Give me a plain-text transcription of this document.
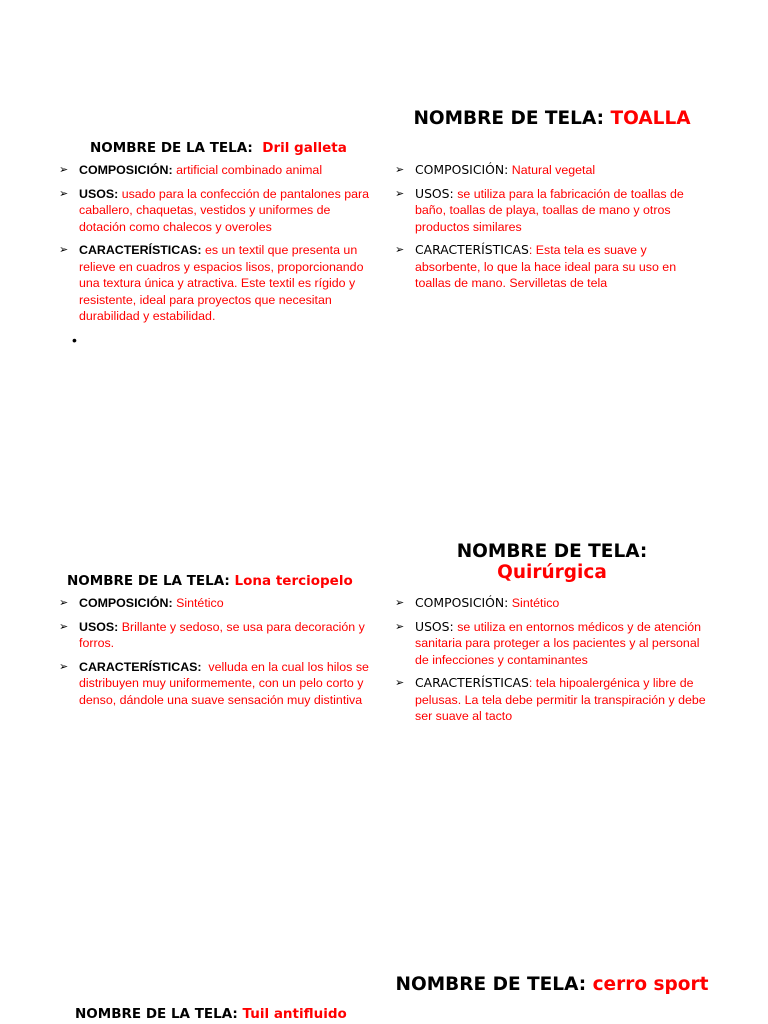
NOMBRE DE LA TELA: Dril galleta
➢ COMPOSICIÓN: artificial combinado animal
➢ USOS: usado para la confección de pantalones para caballero, chaquetas, vestidos y uniformes de dotación como chalecos y overoles
➢ CARACTERÍSTICAS: es un textil que presenta un relieve en cuadros y espacios lisos, proporcionando una textura única y atractiva. Este textil es rígido y resistente, ideal para proyectos que necesitan durabilidad y estabilidad.
•
NOMBRE DE TELA: TOALLA
➢ COMPOSICIÓN: Natural vegetal
➢ USOS: se utiliza para la fabricación de toallas de baño, toallas de playa, toallas de mano y otros productos similares
➢ CARACTERÍSTICAS: Esta tela es suave y absorbente, lo que la hace ideal para su uso en toallas de mano. Servilletas de tela
NOMBRE DE LA TELA: Lona terciopelo
➢ COMPOSICIÓN: Sintético
➢ USOS: Brillante y sedoso, se usa para decoración y forros.
➢ CARACTERÍSTICAS: velluda en la cual los hilos se distribuyen muy uniformemente, con un pelo corto y denso, dándole una suave sensación muy distintiva
NOMBRE DE TELA:
Quirúrgica
➢ COMPOSICIÓN: Sintético
➢ USOS: se utiliza en entornos médicos y de atención sanitaria para proteger a los pacientes y al personal de infecciones y contaminantes
➢ CARACTERÍSTICAS: tela hipoalergénica y libre de pelusas. La tela debe permitir la transpiración y debe ser suave al tacto
NOMBRE DE LA TELA: Tuil antifluido
NOMBRE DE TELA: cerro sport
